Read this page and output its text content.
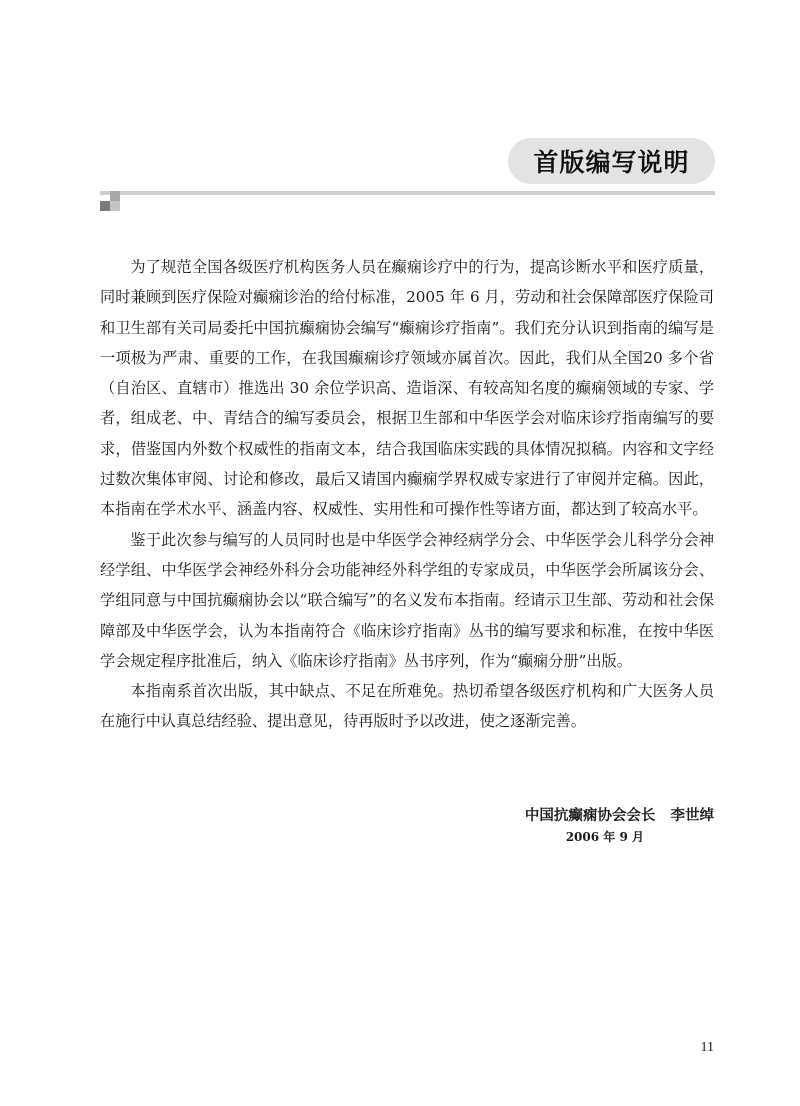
首版编写说明

为了规范全国各级医疗机构医务人员在癫痫诊疗中的行为，提高诊断水平和医疗质量，同时兼顾到医疗保险对癫痫诊治的给付标准，2005 年 6 月，劳动和社会保障部医疗保险司和卫生部有关司局委托中国抗癫痫协会编写“癫痫诊疗指南”。我们充分认识到指南的编写是一项极为严肃、重要的工作，在我国癫痫诊疗领域亦属首次。因此，我们从全国20 多个省（自治区、直辖市）推选出 30 余位学识高、造诣深、有较高知名度的癫痫领域的专家、学者，组成老、中、青结合的编写委员会，根据卫生部和中华医学会对临床诊疗指南编写的要求，借鉴国内外数个权威性的指南文本，结合我国临床实践的具体情况拟稿。内容和文字经过数次集体审阅、讨论和修改，最后又请国内癫痫学界权威专家进行了审阅并定稿。因此，本指南在学术水平、涵盖内容、权威性、实用性和可操作性等诸方面，都达到了较高水平。

鉴于此次参与编写的人员同时也是中华医学会神经病学分会、中华医学会儿科学分会神经学组、中华医学会神经外科分会功能神经外科学组的专家成员，中华医学会所属该分会、学组同意与中国抗癫痫协会以“联合编写”的名义发布本指南。经请示卫生部、劳动和社会保障部及中华医学会，认为本指南符合《临床诊疗指南》丛书的编写要求和标准，在按中华医学会规定程序批准后，纳入《临床诊疗指南》丛书序列，作为“癫痫分册”出版。

本指南系首次出版，其中缺点、不足在所难免。热切希望各级医疗机构和广大医务人员在施行中认真总结经验、提出意见，待再版时予以改进，使之逐渐完善。

中国抗癫痫协会会长   李世绰
2006 年 9 月
11
